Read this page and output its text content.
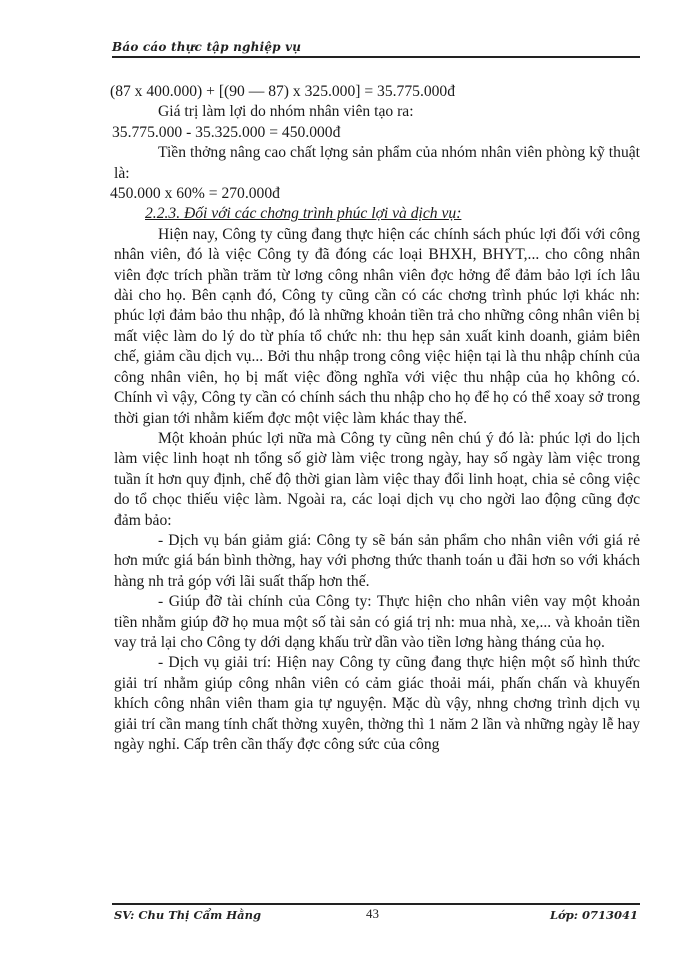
Báo cáo thực tập nghiệp vụ

(87 x 400.000) + [(90 — 87) x 325.000] = 35.775.000đ

Giá trị làm lợi do nhóm nhân viên tạo ra:

35.775.000 - 35.325.000 = 450.000đ

Tiền thởng nâng cao chất lợng sản phẩm của nhóm nhân viên phòng kỹ thuật là:

450.000 x 60% = 270.000đ

2.2.3. Đối với các chơng trình phúc lợi và dịch vụ:

Hiện nay, Công ty cũng đang thực hiện các chính sách phúc lợi đối với công nhân viên, đó là việc Công ty đã đóng các loại BHXH, BHYT,... cho công nhân viên đợc trích phần trăm từ lơng công nhân viên đợc hởng để đảm bảo lợi ích lâu dài cho họ. Bên cạnh đó, Công ty cũng cần có các chơng trình phúc lợi khác nh: phúc lợi đảm bảo thu nhập, đó là những khoản tiền trả cho những công nhân viên bị mất việc làm do lý do từ phía tổ chức nh: thu hẹp sản xuất kinh doanh, giảm biên chế, giảm cầu dịch vụ... Bởi thu nhập trong công việc hiện tại là thu nhập chính của công nhân viên, họ bị mất việc đồng nghĩa với việc thu nhập của họ không có. Chính vì vậy, Công ty cần có chính sách thu nhập cho họ để họ có thể xoay sở trong thời gian tới nhằm kiếm đợc một việc làm khác thay thế.

Một khoản phúc lợi nữa mà Công ty cũng nên chú ý đó là: phúc lợi do lịch làm việc linh hoạt nh tổng số giờ làm việc trong ngày, hay số ngày làm việc trong tuần ít hơn quy định, chế độ thời gian làm việc thay đổi linh hoạt, chia sẻ công việc do tổ chọc thiếu việc làm. Ngoài ra, các loại dịch vụ cho ngời lao động cũng đợc đảm bảo:

- Dịch vụ bán giảm giá: Công ty sẽ bán sản phẩm cho nhân viên với giá rẻ hơn mức giá bán bình thờng, hay với phơng thức thanh toán u đãi hơn so với khách hàng nh trả góp với lãi suất thấp hơn thế.

- Giúp đỡ tài chính của Công ty: Thực hiện cho nhân viên vay một khoản tiền nhằm giúp đỡ họ mua một số tài sản có giá trị nh: mua nhà, xe,... và khoản tiền vay trả lại cho Công ty dới dạng khấu trừ dần vào tiền lơng hàng tháng của họ.

- Dịch vụ giải trí: Hiện nay Công ty cũng đang thực hiện một số hình thức giải trí nhằm giúp công nhân viên có cảm giác thoải mái, phấn chấn và khuyến khích công nhân viên tham gia tự nguyện. Mặc dù vậy, nhng chơng trình dịch vụ giải trí cần mang tính chất thờng xuyên, thờng thì 1 năm 2 lần và những ngày lễ hay ngày nghỉ. Cấp trên cần thấy đợc công sức của công

SV: Chu Thị Cẩm Hằng	43	Lớp: 0713041
